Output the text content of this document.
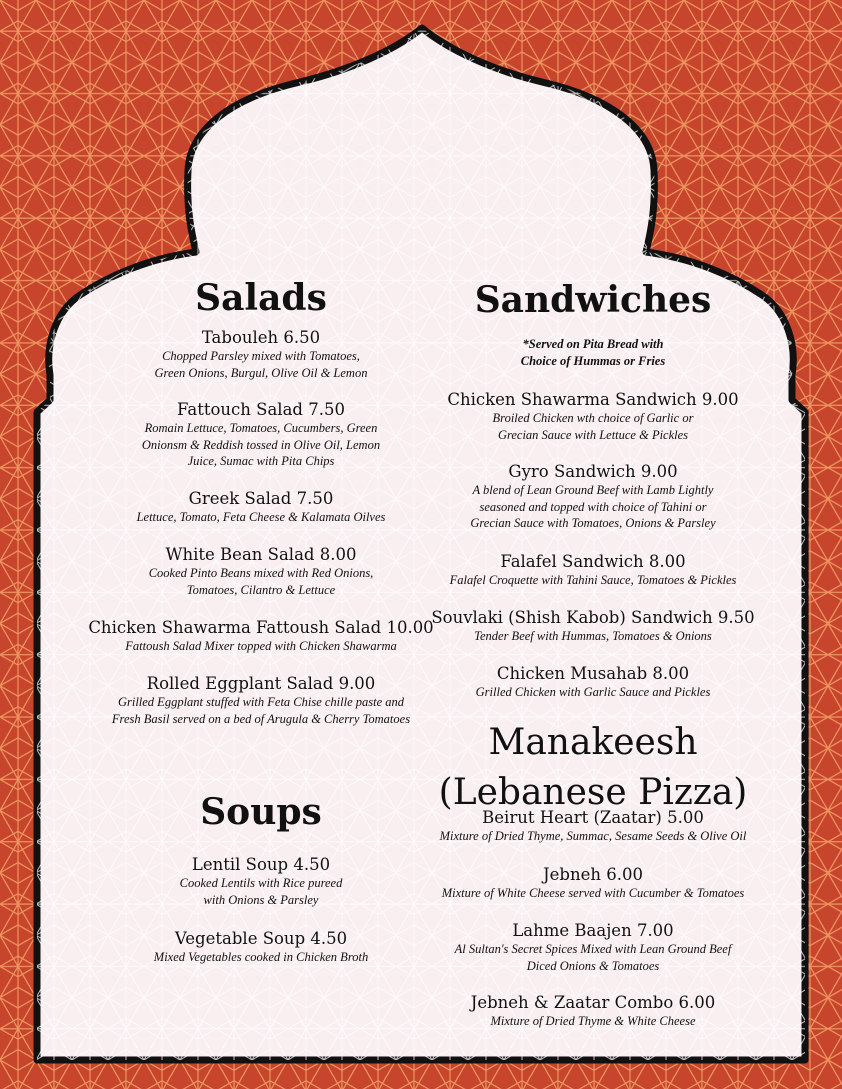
Salads
Tabouleh 6.50
Chopped Parsley mixed with Tomatoes,
Green Onions, Burgul, Olive Oil & Lemon
Fattouch Salad 7.50
Romain Lettuce, Tomatoes, Cucumbers, Green
Onionsm & Reddish tossed in Olive Oil, Lemon
Juice, Sumac with Pita Chips
Greek Salad 7.50
Lettuce, Tomato, Feta Cheese & Kalamata Oilves
White Bean Salad 8.00
Cooked Pinto Beans mixed with Red Onions,
Tomatoes, Cilantro & Lettuce
Chicken Shawarma Fattoush Salad 10.00
Fattoush Salad Mixer topped with Chicken Shawarma
Rolled Eggplant Salad 9.00
Grilled Eggplant stuffed with Feta Chise chille paste and
Fresh Basil served on a bed of Arugula & Cherry Tomatoes
Soups
Lentil Soup 4.50
Cooked Lentils with Rice pureed
with Onions & Parsley
Vegetable Soup 4.50
Mixed Vegetables cooked in Chicken Broth
Sandwiches
*Served on Pita Bread with
Choice of Hummas or Fries
Chicken Shawarma Sandwich 9.00
Broiled Chicken wth choice of Garlic or
Grecian Sauce with Lettuce & Pickles
Gyro Sandwich 9.00
A blend of Lean Ground Beef with Lamb Lightly
seasoned and topped with choice of Tahini or
Grecian Sauce with Tomatoes, Onions & Parsley
Falafel Sandwich 8.00
Falafel Croquette with Tahini Sauce, Tomatoes & Pickles
Souvlaki (Shish Kabob) Sandwich 9.50
Tender Beef with Hummas, Tomatoes & Onions
Chicken Musahab 8.00
Grilled Chicken with Garlic Sauce and Pickles
Manakeesh
(Lebanese Pizza)
Beirut Heart (Zaatar) 5.00
Mixture of Dried Thyme, Summac, Sesame Seeds & Olive Oil
Jebneh 6.00
Mixture of White Cheese served with Cucumber & Tomatoes
Lahme Baajen 7.00
Al Sultan's Secret Spices Mixed with Lean Ground Beef
Diced Onions & Tomatoes
Jebneh & Zaatar Combo 6.00
Mixture of Dried Thyme & White Cheese
